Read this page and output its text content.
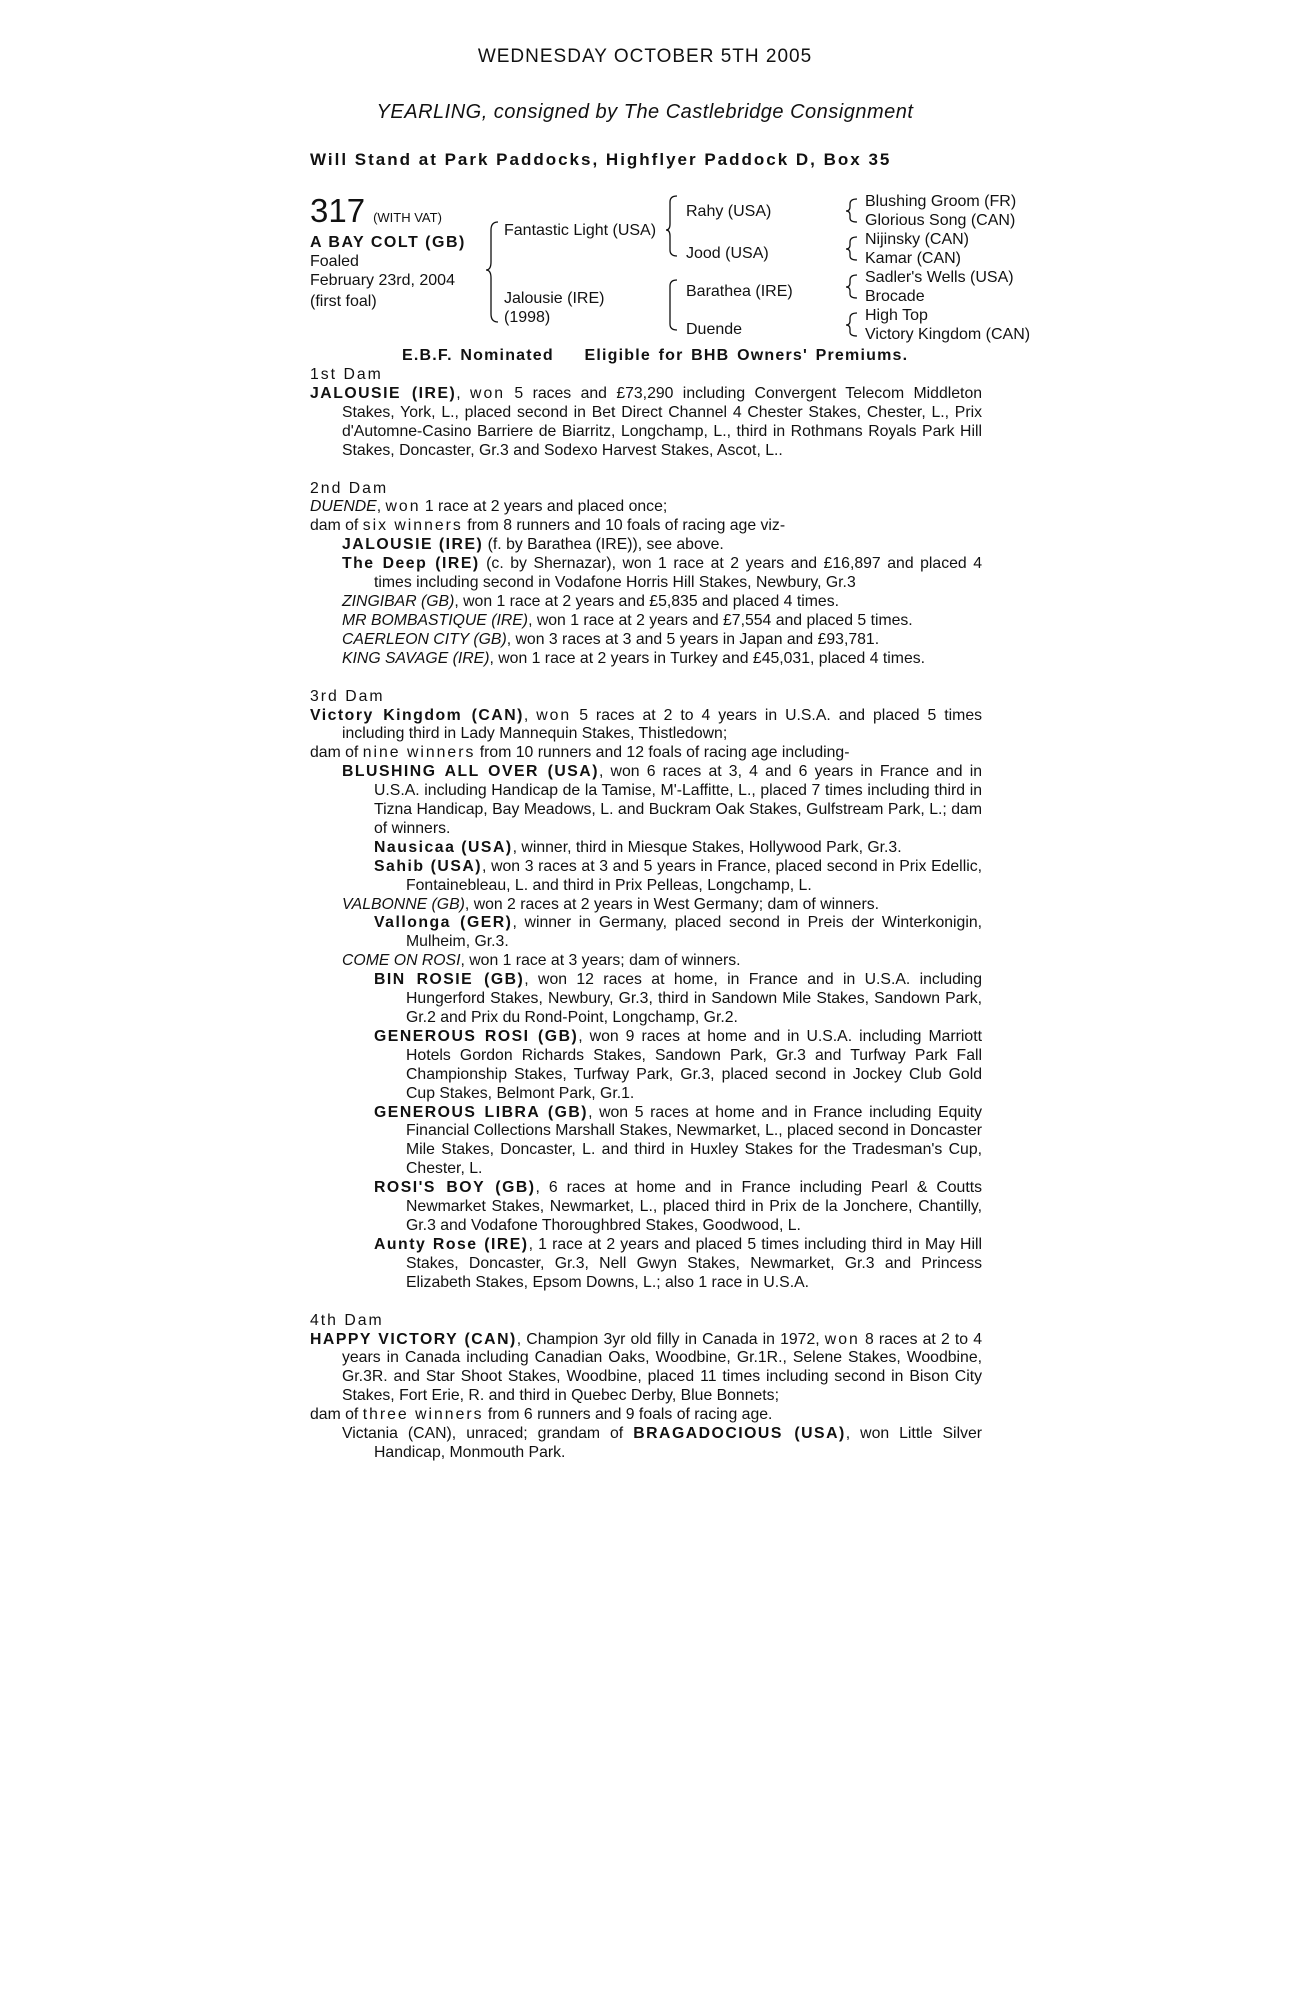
WEDNESDAY OCTOBER 5TH 2005
YEARLING, consigned by The Castlebridge Consignment
Will Stand at Park Paddocks, Highflyer Paddock D, Box 35
317 (WITH VAT)
A BAY COLT (GB)
Foaled
February 23rd, 2004
(first foal)
Fantastic Light (USA)
Jalousie (IRE)
(1998)
Rahy (USA)
Jood (USA)
Barathea (IRE)
Duende
Blushing Groom (FR)
Glorious Song (CAN)
Nijinsky (CAN)
Kamar (CAN)
Sadler's Wells (USA)
Brocade
High Top
Victory Kingdom (CAN)
E.B.F. Nominated    Eligible for BHB Owners' Premiums.
1st Dam
JALOUSIE (IRE), won 5 races and £73,290 including Convergent Telecom Middleton Stakes, York, L., placed second in Bet Direct Channel 4 Chester Stakes, Chester, L., Prix d'Automne-Casino Barriere de Biarritz, Longchamp, L., third in Rothmans Royals Park Hill Stakes, Doncaster, Gr.3 and Sodexo Harvest Stakes, Ascot, L..
2nd Dam
DUENDE, won 1 race at 2 years and placed once;
dam of six winners from 8 runners and 10 foals of racing age viz-
JALOUSIE (IRE) (f. by Barathea (IRE)), see above.
The Deep (IRE) (c. by Shernazar), won 1 race at 2 years and £16,897 and placed 4 times including second in Vodafone Horris Hill Stakes, Newbury, Gr.3
ZINGIBAR (GB), won 1 race at 2 years and £5,835 and placed 4 times.
MR BOMBASTIQUE (IRE), won 1 race at 2 years and £7,554 and placed 5 times.
CAERLEON CITY (GB), won 3 races at 3 and 5 years in Japan and £93,781.
KING SAVAGE (IRE), won 1 race at 2 years in Turkey and £45,031, placed 4 times.
3rd Dam
Victory Kingdom (CAN), won 5 races at 2 to 4 years in U.S.A. and placed 5 times including third in Lady Mannequin Stakes, Thistledown;
dam of nine winners from 10 runners and 12 foals of racing age including-
BLUSHING ALL OVER (USA), won 6 races at 3, 4 and 6 years in France and in U.S.A. including Handicap de la Tamise, M'-Laffitte, L., placed 7 times including third in Tizna Handicap, Bay Meadows, L. and Buckram Oak Stakes, Gulfstream Park, L.; dam of winners.
Nausicaa (USA), winner, third in Miesque Stakes, Hollywood Park, Gr.3.
Sahib (USA), won 3 races at 3 and 5 years in France, placed second in Prix Edellic, Fontainebleau, L. and third in Prix Pelleas, Longchamp, L.
VALBONNE (GB), won 2 races at 2 years in West Germany; dam of winners.
Vallonga (GER), winner in Germany, placed second in Preis der Winterkonigin, Mulheim, Gr.3.
COME ON ROSI, won 1 race at 3 years; dam of winners.
BIN ROSIE (GB), won 12 races at home, in France and in U.S.A. including Hungerford Stakes, Newbury, Gr.3, third in Sandown Mile Stakes, Sandown Park, Gr.2 and Prix du Rond-Point, Longchamp, Gr.2.
GENEROUS ROSI (GB), won 9 races at home and in U.S.A. including Marriott Hotels Gordon Richards Stakes, Sandown Park, Gr.3 and Turfway Park Fall Championship Stakes, Turfway Park, Gr.3, placed second in Jockey Club Gold Cup Stakes, Belmont Park, Gr.1.
GENEROUS LIBRA (GB), won 5 races at home and in France including Equity Financial Collections Marshall Stakes, Newmarket, L., placed second in Doncaster Mile Stakes, Doncaster, L. and third in Huxley Stakes for the Tradesman's Cup, Chester, L.
ROSI'S BOY (GB), 6 races at home and in France including Pearl & Coutts Newmarket Stakes, Newmarket, L., placed third in Prix de la Jonchere, Chantilly, Gr.3 and Vodafone Thoroughbred Stakes, Goodwood, L.
Aunty Rose (IRE), 1 race at 2 years and placed 5 times including third in May Hill Stakes, Doncaster, Gr.3, Nell Gwyn Stakes, Newmarket, Gr.3 and Princess Elizabeth Stakes, Epsom Downs, L.; also 1 race in U.S.A.
4th Dam
HAPPY VICTORY (CAN), Champion 3yr old filly in Canada in 1972, won 8 races at 2 to 4 years in Canada including Canadian Oaks, Woodbine, Gr.1R., Selene Stakes, Woodbine, Gr.3R. and Star Shoot Stakes, Woodbine, placed 11 times including second in Bison City Stakes, Fort Erie, R. and third in Quebec Derby, Blue Bonnets;
dam of three winners from 6 runners and 9 foals of racing age.
Victania (CAN), unraced; grandam of BRAGADOCIOUS (USA), won Little Silver Handicap, Monmouth Park.
